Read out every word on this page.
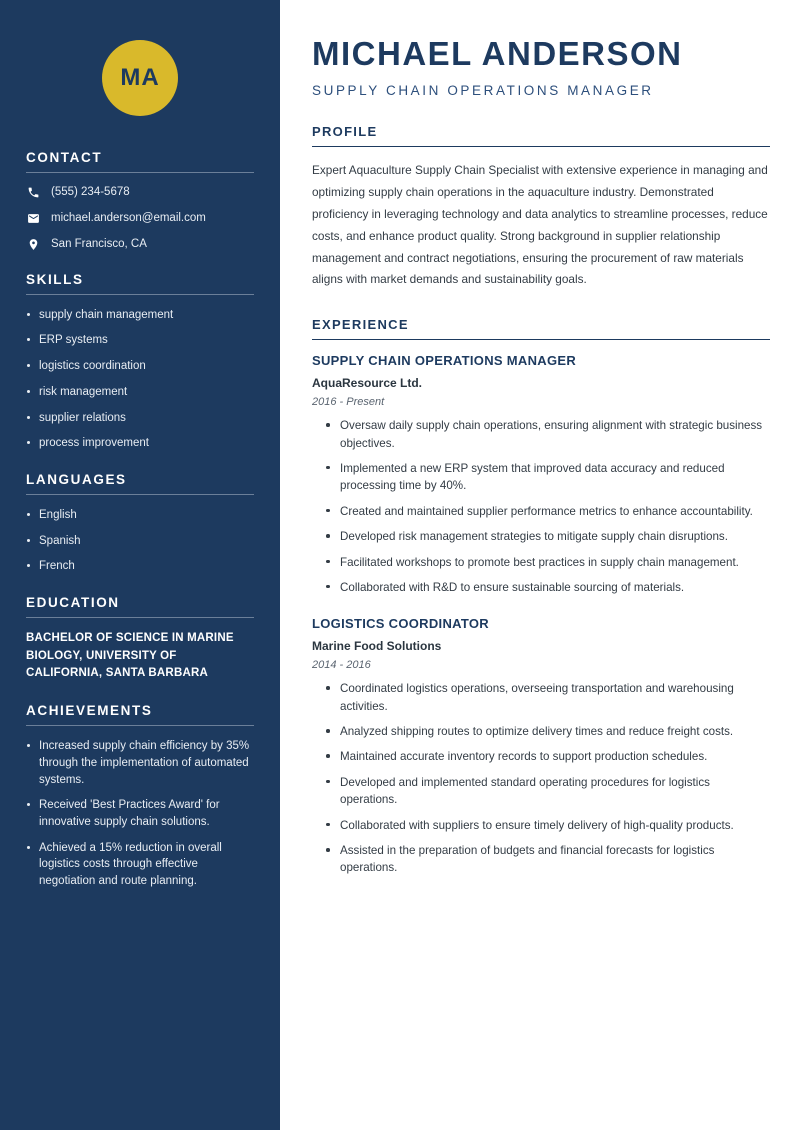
MA
CONTACT
(555) 234-5678
michael.anderson@email.com
San Francisco, CA
SKILLS
supply chain management
ERP systems
logistics coordination
risk management
supplier relations
process improvement
LANGUAGES
English
Spanish
French
EDUCATION
BACHELOR OF SCIENCE IN MARINE BIOLOGY, UNIVERSITY OF CALIFORNIA, SANTA BARBARA
ACHIEVEMENTS
Increased supply chain efficiency by 35% through the implementation of automated systems.
Received 'Best Practices Award' for innovative supply chain solutions.
Achieved a 15% reduction in overall logistics costs through effective negotiation and route planning.
MICHAEL ANDERSON
SUPPLY CHAIN OPERATIONS MANAGER
PROFILE

Expert Aquaculture Supply Chain Specialist with extensive experience in managing and optimizing supply chain operations in the aquaculture industry. Demonstrated proficiency in leveraging technology and data analytics to streamline processes, reduce costs, and enhance product quality. Strong background in supplier relationship management and contract negotiations, ensuring the procurement of raw materials aligns with market demands and sustainability goals.

EXPERIENCE
SUPPLY CHAIN OPERATIONS MANAGER
AquaResource Ltd.
2016 - Present
Oversaw daily supply chain operations, ensuring alignment with strategic business objectives.
Implemented a new ERP system that improved data accuracy and reduced processing time by 40%.
Created and maintained supplier performance metrics to enhance accountability.
Developed risk management strategies to mitigate supply chain disruptions.
Facilitated workshops to promote best practices in supply chain management.
Collaborated with R&D to ensure sustainable sourcing of materials.
LOGISTICS COORDINATOR
Marine Food Solutions
2014 - 2016
Coordinated logistics operations, overseeing transportation and warehousing activities.
Analyzed shipping routes to optimize delivery times and reduce freight costs.
Maintained accurate inventory records to support production schedules.
Developed and implemented standard operating procedures for logistics operations.
Collaborated with suppliers to ensure timely delivery of high-quality products.
Assisted in the preparation of budgets and financial forecasts for logistics operations.
